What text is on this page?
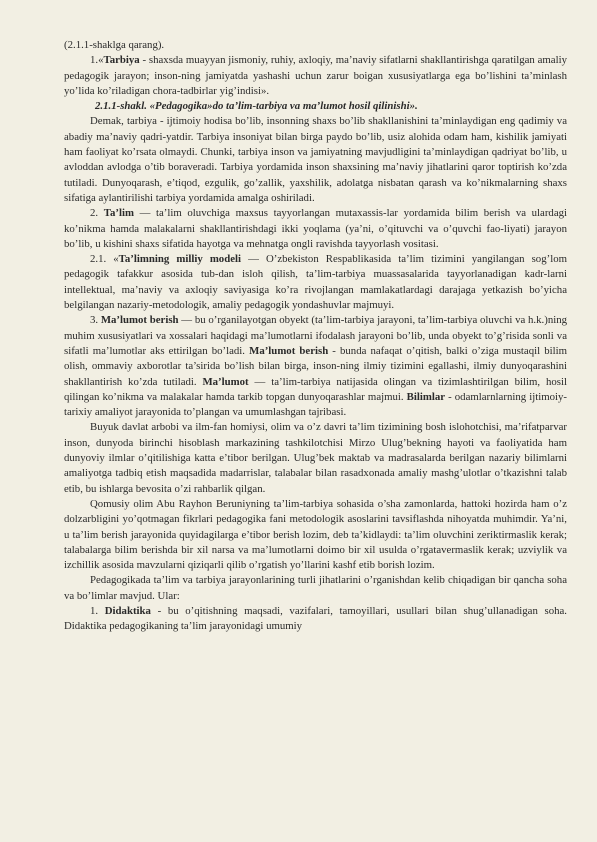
(2.1.1-shaklga qarang).

1.«Tarbiya - shaxsda muayyan jismoniy, ruhiy, axloqiy, ma’naviy sifatlarni shakllantirishga qaratilgan amaliy pedagogik jarayon; inson-ning jamiyatda yashashi uchun zarur boigan xususiyatlarga ega bo’lishini ta’minlash yo’lida ko’riladigan chora-tadbirlar yig’indisi».

2.1.1-shakl. «Pedagogika»do ta’lim-tarbiya va ma’lumot hosil qilinishi».

Demak, tarbiya - ijtimoiy hodisa bo’lib, insonning shaxs bo’lib shakllanishini ta’minlaydigan eng qadimiy va abadiy ma’naviy qadri-yatdir. Tarbiya insoniyat bilan birga paydo bo’lib, usiz alohida odam ham, kishilik jamiyati ham faoliyat ko’rsata olmaydi. Chunki, tarbiya inson va jamiyatning mavjudligini ta’minlaydigan qadriyat bo’lib, u avloddan avlodga o’tib boraveradi. Tarbiya yordamida inson shaxsining ma’naviy jihatlarini qaror toptirish ko’zda tutiladi. Dunyoqarash, e’tiqod, ezgulik, go’zallik, yaxshilik, adolatga nisbatan qarash va ko’nikmalarning shaxs sifatiga aylantirilishi tarbiya yordamida amalga oshiriladi.

2. Ta’lim — ta’lim oluvchiga maxsus tayyorlangan mutaxassis-lar yordamida bilim berish va ulardagi ko’nikma hamda malakalarni shakllantirishdagi ikki yoqlama (ya’ni, o’qituvchi va o’quvchi fao-liyati) jarayon bo’lib, u kishini shaxs sifatida hayotga va mehnatga ongli ravishda tayyorlash vositasi.

2.1. «Ta’limning milliy modeli — O’zbekiston Respablikasida ta’lim tizimini yangilangan sog’lom pedagogik tafakkur asosida tub-dan isloh qilish, ta’lim-tarbiya muassasalarida tayyorlanadigan kadr-larni intellektual, ma’naviy va axloqiy saviyasiga ko’ra rivojlangan mamlakatlardagi darajaga yetkazish bo’yicha belgilangan nazariy-metodologik, amaliy pedagogik yondashuvlar majmuyi.

3. Ma’lumot berish — bu o’rganilayotgan obyekt (ta’lim-tarbiya jarayoni, ta’lim-tarbiya oluvchi va h.k.)ning muhim xususiyatlari va xossalari haqidagi ma’lumotlarni ifodalash jarayoni bo’lib, unda obyekt to’g’risida sonli va sifatli ma’lumotlar aks ettirilgan bo’ladi. Ma’lumot berish - bunda nafaqat o’qitish, balki o’ziga mustaqil bilim olish, ommaviy axborotlar ta’sirida bo’lish bilan birga, inson-ning ilmiy tizimini egallashi, ilmiy dunyoqarashini shakllantirish ko’zda tutiladi. Ma’lumot — ta’lim-tarbiya natijasida olingan va tizimlashtirilgan bilim, hosil qilingan ko’nikma va malakalar hamda tarkib topgan dunyoqarashlar majmui. Bilimlar - odamlarnlarning ijtimoiy-tarixiy amaliyot jarayonida to’plangan va umumlashgan tajribasi.

Buyuk davlat arbobi va ilm-fan homiysi, olim va o’z davri ta’lim tizimining bosh islohotchisi, ma’rifatparvar inson, dunyoda birinchi hisoblash markazining tashkilotchisi Mirzo Ulug’bekning hayoti va faoliyatida ham dunyoviy ilmlar o’qitilishiga katta e’tibor berilgan. Ulug’bek maktab va madrasalarda berilgan nazariy bilimlarni amaliyotga tadbiq etish maqsadida madarrislar, talabalar bilan rasadxonada amaliy mashg’ulotlar o’tkazishni talab etib, bu ishlarga bevosita o’zi rahbarlik qilgan.

Qomusiy olim Abu Rayhon Beruniyning ta’lim-tarbiya sohasida o’sha zamonlarda, hattoki hozirda ham o’z dolzarbligini yo’qotmagan fikrlari pedagogika fani metodologik asoslarini tavsiflashda nihoyatda muhimdir. Ya’ni, u ta’lim berish jarayonida quyidagilarga e’tibor berish lozim, deb ta’kidlaydi: ta’lim oluvchini zeriktirmaslik kerak; talabalarga bilim berishda bir xil narsa va ma’lumotlarni doimo bir xil usulda o’rgatavermaslik kerak; uzviylik va izchillik asosida mavzularni qiziqarli qilib o’rgatish yo’llarini kashf etib borish lozim.

Pedagogikada ta’lim va tarbiya jarayonlarining turli jihatlarini o’rganishdan kelib chiqadigan bir qancha soha va bo’limlar mavjud. Ular:

1. Didaktika - bu o’qitishning maqsadi, vazifalari, tamoyillari, usullari bilan shug’ullanadigan soha. Didaktika pedagogikaning ta’lim jarayonidagi umumiy
